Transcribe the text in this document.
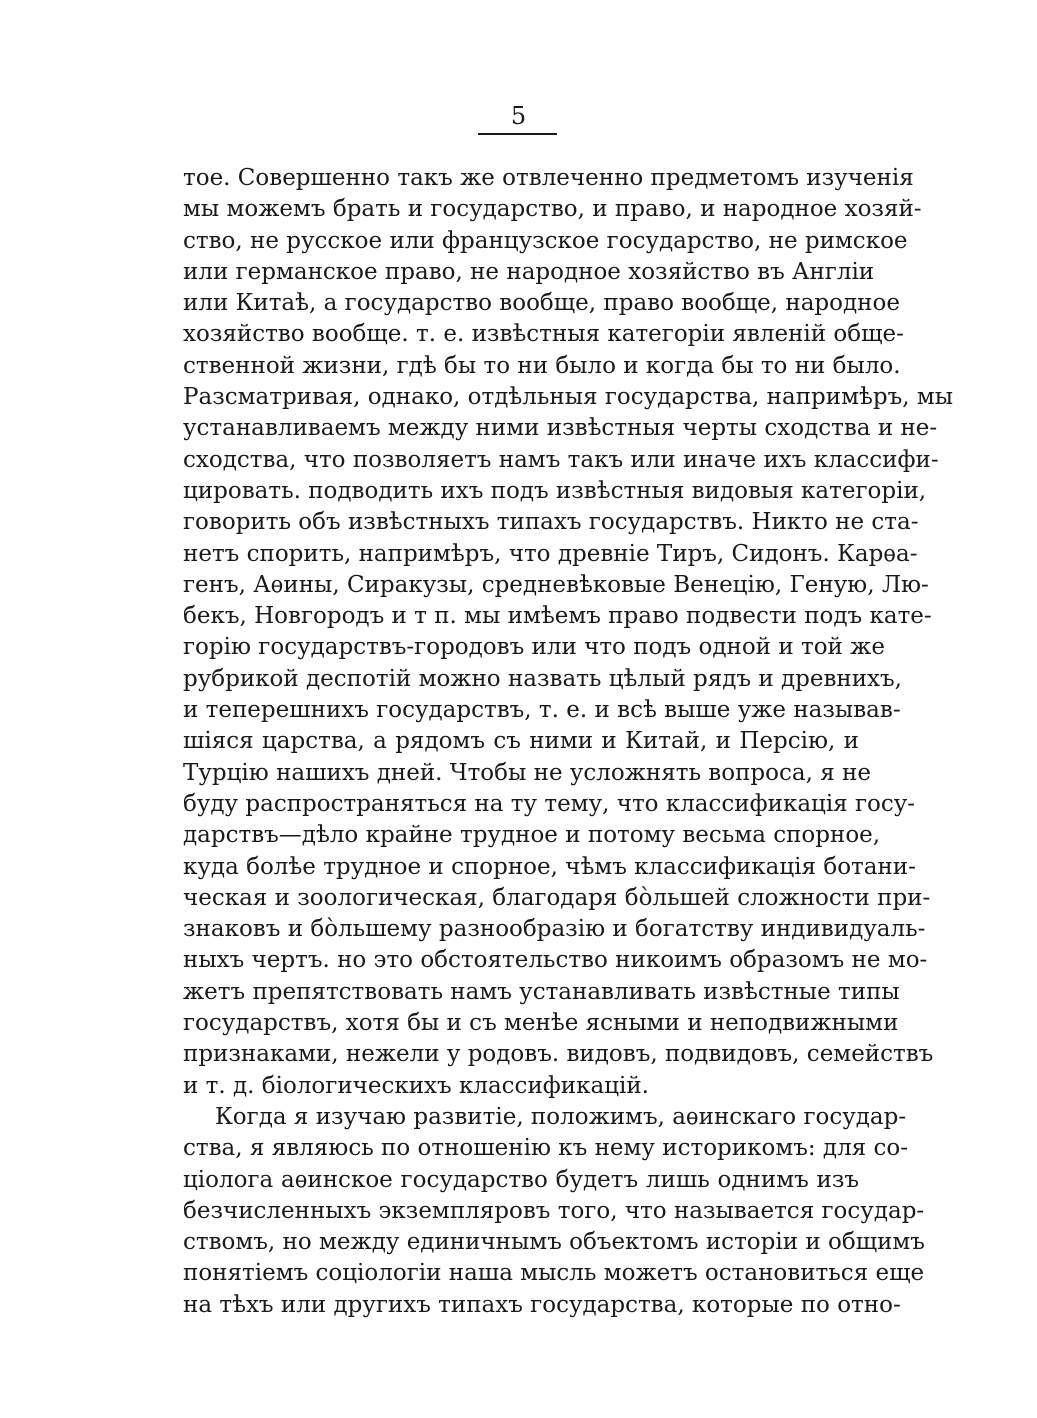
5
тое. Совершенно такъ же отвлеченно предметомъ изученія
мы можемъ брать и государство, и право, и народное хозяй-
ство, не русское или французское государство, не римское
или германское право, не народное хозяйство въ Англіи
или Китаѣ, а государство вообще, право вообще, народное
хозяйство вообще. т. е. извѣстныя категоріи явленій обще-
ственной жизни, гдѣ бы то ни было и когда бы то ни было.
Разсматривая, однако, отдѣльныя государства, напримѣръ, мы
устанавливаемъ между ними извѣстныя черты сходства и не-
сходства, что позволяетъ намъ такъ или иначе ихъ классифи-
цировать. подводить ихъ подъ извѣстныя видовыя категоріи,
говорить объ извѣстныхъ типахъ государствъ. Никто не ста-
нетъ спорить, напримѣръ, что древніе Тиръ, Сидонъ. Карѳа-
генъ, Аѳины, Сиракузы, средневѣковые Венецію, Геную, Лю-
бекъ, Новгородъ и т п. мы имѣемъ право подвести подъ кате-
горію государствъ-городовъ или что подъ одной и той же
рубрикой деспотій можно назвать цѣлый рядъ и древнихъ,
и теперешнихъ государствъ, т. е. и всѣ выше уже называв-
шіяся царства, а рядомъ съ ними и Китай, и Персію, и
Турцію нашихъ дней. Чтобы не усложнять вопроса, я не
буду распространяться на ту тему, что классификація госу-
дарствъ—дѣло крайне трудное и потому весьма спорное,
куда болѣе трудное и спорное, чѣмъ классификація ботани-
ческая и зоологическая, благодаря бо̀льшей сложности при-
знаковъ и бо̀льшему разнообразію и богатству индивидуаль-
ныхъ чертъ. но это обстоятельство никоимъ образомъ не мо-
жетъ препятствовать намъ устанавливать извѣстные типы
государствъ, хотя бы и съ менѣе ясными и неподвижными
признаками, нежели у родовъ. видовъ, подвидовъ, семействъ
и т. д. біологическихъ классификацій.
Когда я изучаю развитіе, положимъ, аѳинскаго государ-
ства, я являюсь по отношенію къ нему историкомъ: для со-
ціолога аѳинское государство будетъ лишь однимъ изъ
безчисленныхъ экземпляровъ того, что называется государ-
ствомъ, но между единичнымъ объектомъ исторіи и общимъ
понятіемъ соціологіи наша мысль можетъ остановиться еще
на тѣхъ или другихъ типахъ государства, которые по отно-
